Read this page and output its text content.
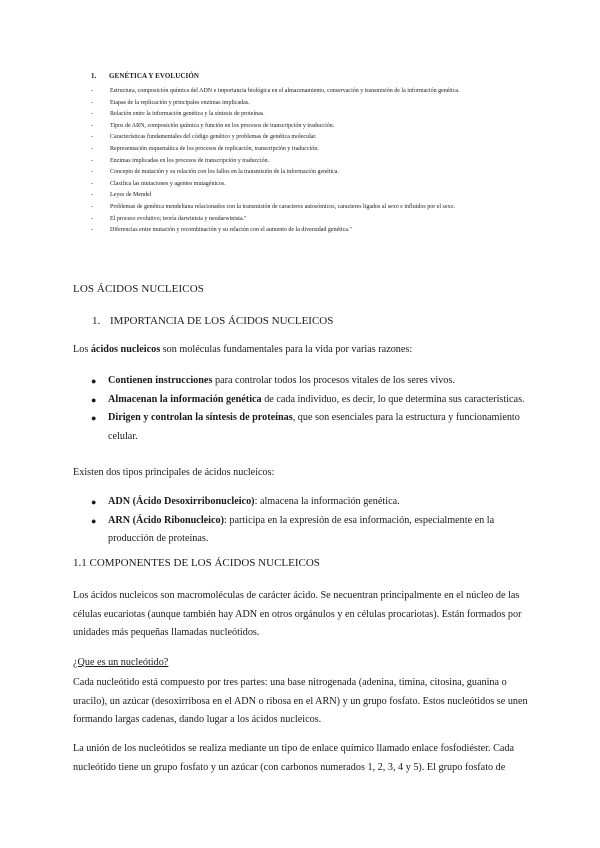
1. GENÉTICA Y EVOLUCIÓN
- Estructura, composición química del ADN e importancia biológica en el almacenamiento, conservación y transmisión de la información genética.
- Etapas de la replicación y principales enzimas implicadas.
- Relación entre la información genética y la síntesis de proteínas.
- Tipos de ARN, composición química y función en los procesos de transcripción y traducción.
- Características fundamentales del código genético y problemas de genética molecular.
- Representación esquemática de los procesos de replicación, transcripción y traducción.
- Enzimas implicadas en los procesos de transcripción y traducción.
- Concepto de mutación y su relación con los fallos en la transmisión de la información genética.
- Clasifica las mutaciones y agentes mutagénicos.
- Leyes de Mendel
- Problemas de genética mendeliana relacionados con la transmisión de caracteres autosómicos, caracteres ligados al sexo e influidos por el sexo.
- El proceso evolutivo; teoría darwinista y neodarwinista."
- Diferencias entre mutación y recombinación y su relación con el aumento de la diversidad genética."
LOS ÁCIDOS NUCLEICOS
1. IMPORTANCIA DE LOS ÁCIDOS NUCLEICOS

Los ácidos nucleicos son moléculas fundamentales para la vida por varias razones:

● Contienen instrucciones para controlar todos los procesos vitales de los seres vivos.
● Almacenan la información genética de cada individuo, es decir, lo que determina sus características.
● Dirigen y controlan la síntesis de proteínas, que son esenciales para la estructura y funcionamiento celular.

Existen dos tipos principales de ácidos nucleicos:

● ADN (Ácido Desoxirribonucleico): almacena la información genética.
● ARN (Ácido Ribonucleico): participa en la expresión de esa información, especialmente en la producción de proteínas.
1.1 COMPONENTES DE LOS ÁCIDOS NUCLEICOS

Los ácidos nucleicos son macromoléculas de carácter ácido. Se necuentran principalmente en el núcleo de las células eucariotas (aunque también hay ADN en otros orgánulos y en células procariotas). Están formados por unidades más pequeñas llamadas nucleótidos.

¿Que es un nucleótido?

Cada nucleótido está compuesto por tres partes: una base nitrogenada (adenina, timina, citosina, guanina o uracilo), un azúcar (desoxirribosa en el ADN o ribosa en el ARN) y un grupo fosfato. Estos nucleótidos se unen formando largas cadenas, dando lugar a los ácidos nucleicos.

La unión de los nucleótidos se realiza mediante un tipo de enlace químico llamado enlace fosfodiéster. Cada nucleótido tiene un grupo fosfato y un azúcar (con carbonos numerados 1, 2, 3, 4 y 5). El grupo fosfato de
